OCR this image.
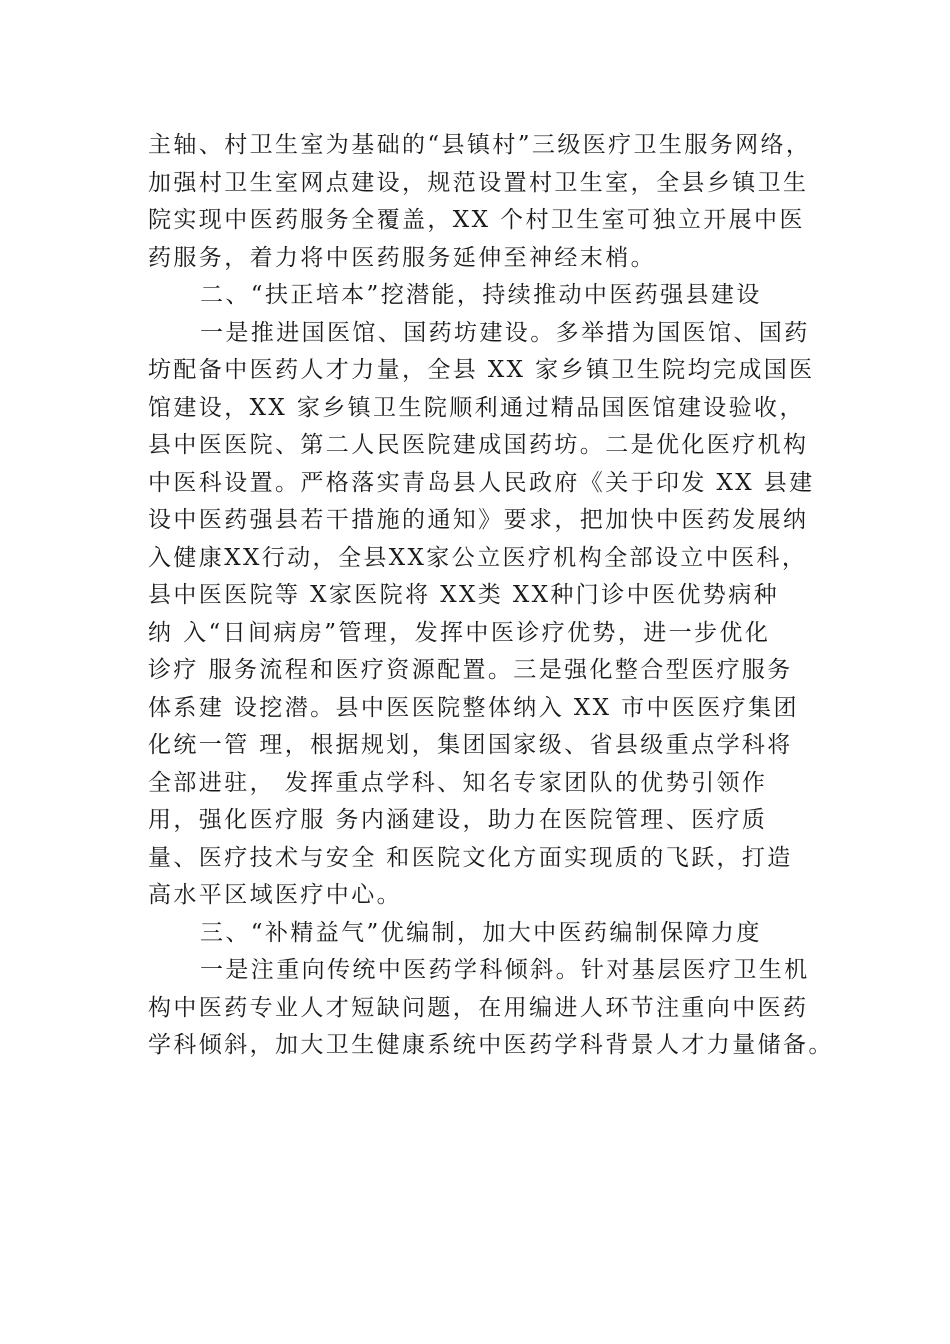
主轴、村卫生室为基础的“县镇村”三级医疗卫生服务网络，
加强村卫生室网点建设，规范设置村卫生室，全县乡镇卫生
院实现中医药服务全覆盖，XX 个村卫生室可独立开展中医
药服务，着力将中医药服务延伸至神经末梢。
二、“扶正培本”挖潜能，持续推动中医药强县建设
一是推进国医馆、国药坊建设。多举措为国医馆、国药
坊配备中医药人才力量，全县 XX 家乡镇卫生院均完成国医
馆建设，XX 家乡镇卫生院顺利通过精品国医馆建设验收，
县中医医院、第二人民医院建成国药坊。二是优化医疗机构
中医科设置。严格落实青岛县人民政府《关于印发 XX 县建
设中医药强县若干措施的通知》要求，把加快中医药发展纳
入健康XX行动，全县XX家公立医疗机构全部设立中医科，
县中医医院等 X家医院将 XX类 XX种门诊中医优势病种
纳 入“日间病房”管理，发挥中医诊疗优势，进一步优化
诊疗 服务流程和医疗资源配置。三是强化整合型医疗服务
体系建 设挖潜。县中医医院整体纳入 XX 市中医医疗集团
化统一管 理，根据规划，集团国家级、省县级重点学科将
全部进驻， 发挥重点学科、知名专家团队的优势引领作
用，强化医疗服 务内涵建设，助力在医院管理、医疗质
量、医疗技术与安全 和医院文化方面实现质的飞跃，打造
高水平区域医疗中心。
三、“补精益气”优编制，加大中医药编制保障力度
一是注重向传统中医药学科倾斜。针对基层医疗卫生机
构中医药专业人才短缺问题，在用编进人环节注重向中医药
学科倾斜，加大卫生健康系统中医药学科背景人才力量储备。
